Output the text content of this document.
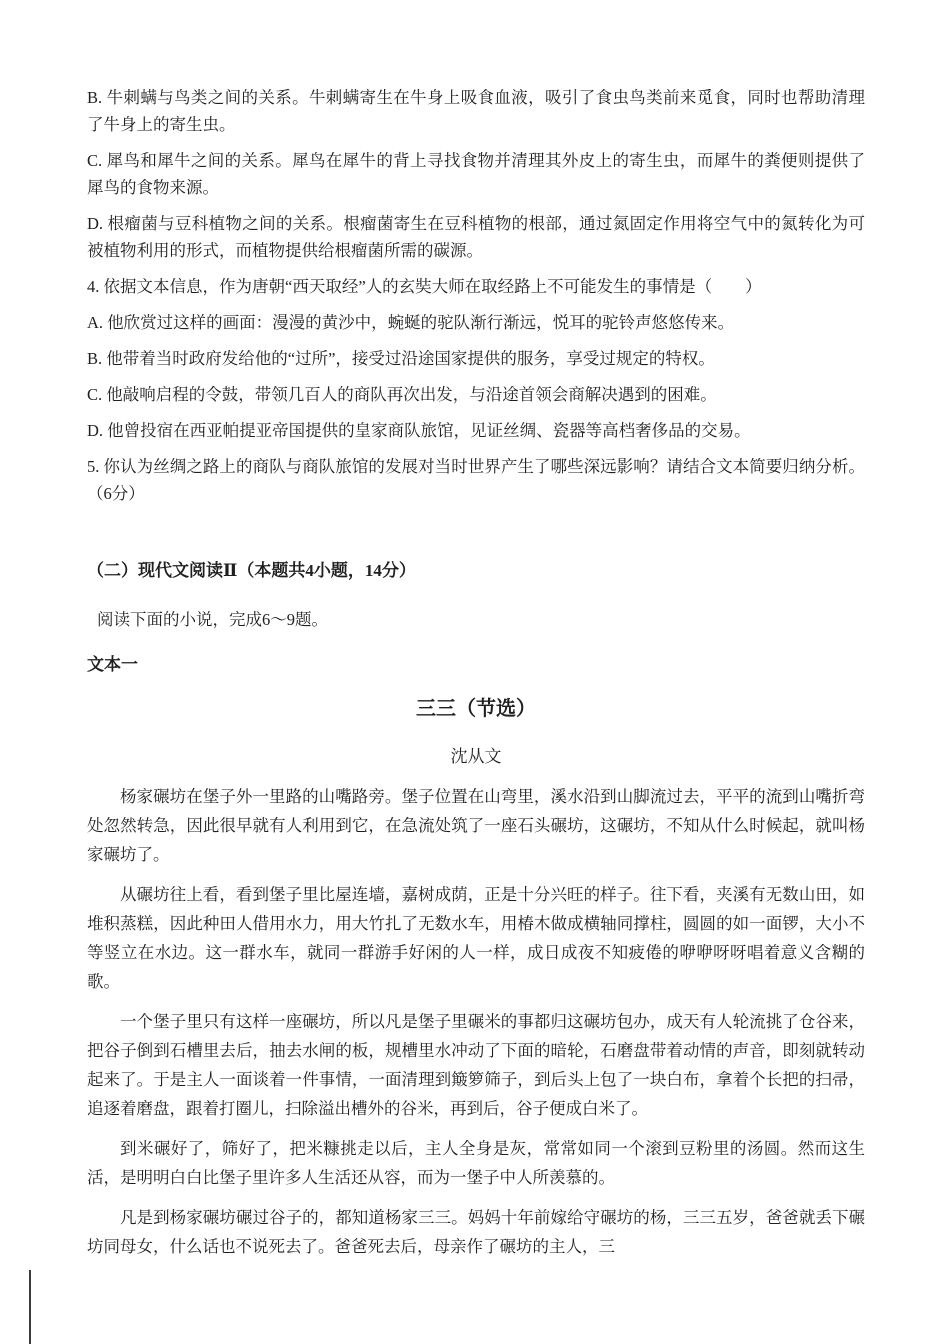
B. 牛刺螨与鸟类之间的关系。牛刺螨寄生在牛身上吸食血液，吸引了食虫鸟类前来觅食，同时也帮助清理了牛身上的寄生虫。

C. 犀鸟和犀牛之间的关系。犀鸟在犀牛的背上寻找食物并清理其外皮上的寄生虫，而犀牛的粪便则提供了犀鸟的食物来源。

D. 根瘤菌与豆科植物之间的关系。根瘤菌寄生在豆科植物的根部，通过氮固定作用将空气中的氮转化为可被植物利用的形式，而植物提供给根瘤菌所需的碳源。

4. 依据文本信息，作为唐朝“西天取经”人的玄奘大师在取经路上不可能发生的事情是（　　）

A. 他欣赏过这样的画面：漫漫的黄沙中，蜿蜒的驼队渐行渐远，悦耳的驼铃声悠悠传来。

B. 他带着当时政府发给他的“过所”，接受过沿途国家提供的服务，享受过规定的特权。

C. 他敲响启程的令鼓，带领几百人的商队再次出发，与沿途首领会商解决遇到的困难。

D. 他曾投宿在西亚帕提亚帝国提供的皇家商队旅馆，见证丝绸、瓷器等高档奢侈品的交易。

5. 你认为丝绸之路上的商队与商队旅馆的发展对当时世界产生了哪些深远影响？请结合文本简要归纳分析。（6分）

（二）现代文阅读Ⅱ（本题共4小题，14分）

阅读下面的小说，完成6～9题。

文本一

三三（节选）

沈从文

杨家碾坊在堡子外一里路的山嘴路旁。堡子位置在山弯里，溪水沿到山脚流过去，平平的流到山嘴折弯处忽然转急，因此很早就有人利用到它，在急流处筑了一座石头碾坊，这碾坊，不知从什么时候起，就叫杨家碾坊了。

从碾坊往上看，看到堡子里比屋连墙，嘉树成荫，正是十分兴旺的样子。往下看，夹溪有无数山田，如堆积蒸糕，因此种田人借用水力，用大竹扎了无数水车，用椿木做成横轴同撑柱，圆圆的如一面锣，大小不等竖立在水边。这一群水车，就同一群游手好闲的人一样，成日成夜不知疲倦的咿咿呀呀唱着意义含糊的歌。

一个堡子里只有这样一座碾坊，所以凡是堡子里碾米的事都归这碾坊包办，成天有人轮流挑了仓谷来，把谷子倒到石槽里去后，抽去水闸的板，规槽里水冲动了下面的暗轮，石磨盘带着动情的声音，即刻就转动起来了。于是主人一面谈着一件事情，一面清理到簸箩筛子，到后头上包了一块白布，拿着个长把的扫帚，追逐着磨盘，跟着打圈儿，扫除溢出槽外的谷米，再到后，谷子便成白米了。

到米碾好了，筛好了，把米糠挑走以后，主人全身是灰，常常如同一个滚到豆粉里的汤圆。然而这生活，是明明白白比堡子里许多人生活还从容，而为一堡子中人所羡慕的。

凡是到杨家碾坊碾过谷子的，都知道杨家三三。妈妈十年前嫁给守碾坊的杨，三三五岁，爸爸就丢下碾坊同母女，什么话也不说死去了。爸爸死去后，母亲作了碾坊的主人，三
